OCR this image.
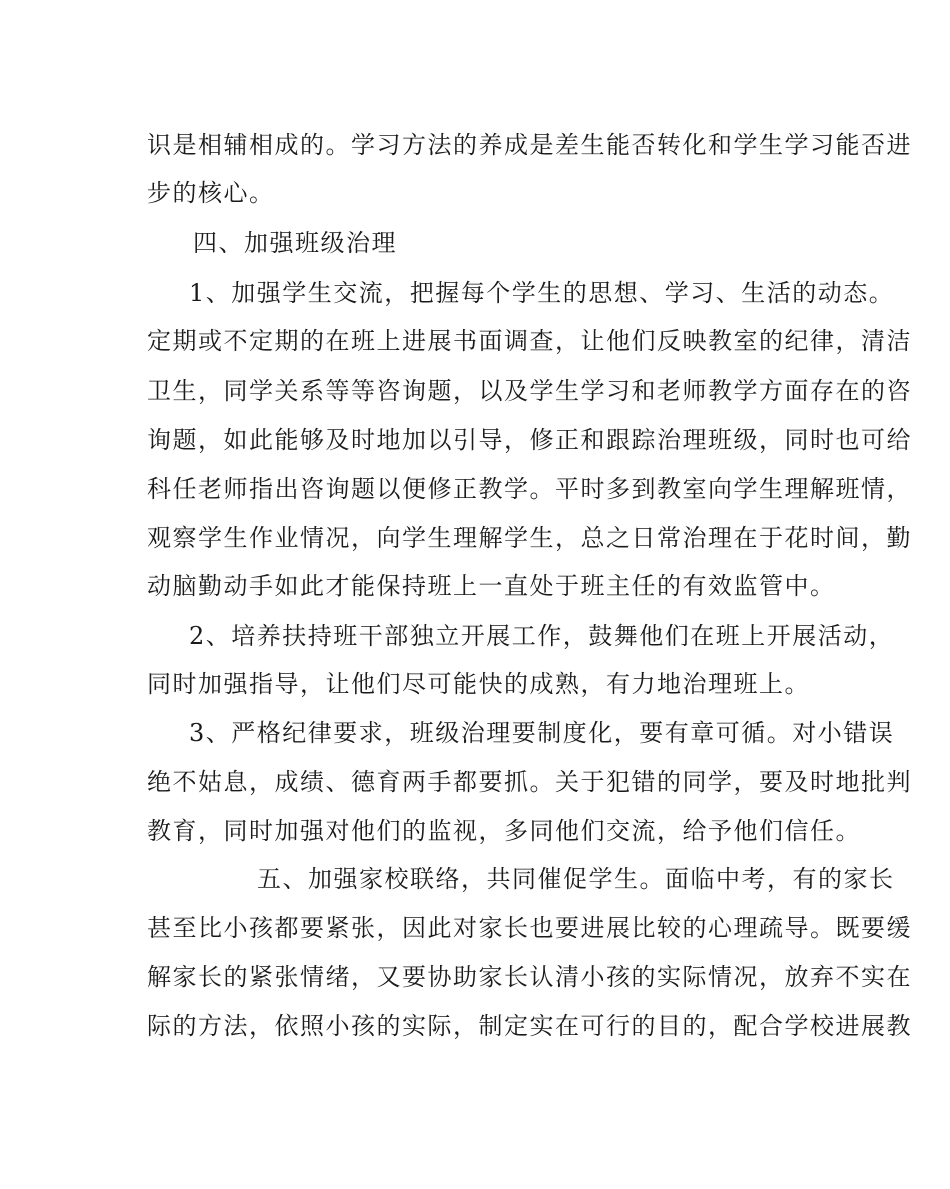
识是相辅相成的。学习方法的养成是差生能否转化和学生学习能否进
步的核心。
四、加强班级治理
1、加强学生交流，把握每个学生的思想、学习、生活的动态。
定期或不定期的在班上进展书面调查，让他们反映教室的纪律，清洁
卫生，同学关系等等咨询题，以及学生学习和老师教学方面存在的咨
询题，如此能够及时地加以引导，修正和跟踪治理班级，同时也可给
科任老师指出咨询题以便修正教学。平时多到教室向学生理解班情，
观察学生作业情况，向学生理解学生，总之日常治理在于花时间，勤
动脑勤动手如此才能保持班上一直处于班主任的有效监管中。
2、培养扶持班干部独立开展工作，鼓舞他们在班上开展活动，
同时加强指导，让他们尽可能快的成熟，有力地治理班上。
3、严格纪律要求，班级治理要制度化，要有章可循。对小错误
绝不姑息，成绩、德育两手都要抓。关于犯错的同学，要及时地批判
教育，同时加强对他们的监视，多同他们交流，给予他们信任。
五、加强家校联络，共同催促学生。面临中考，有的家长
甚至比小孩都要紧张，因此对家长也要进展比较的心理疏导。既要缓
解家长的紧张情绪，又要协助家长认清小孩的实际情况，放弃不实在
际的方法，依照小孩的实际，制定实在可行的目的，配合学校进展教
